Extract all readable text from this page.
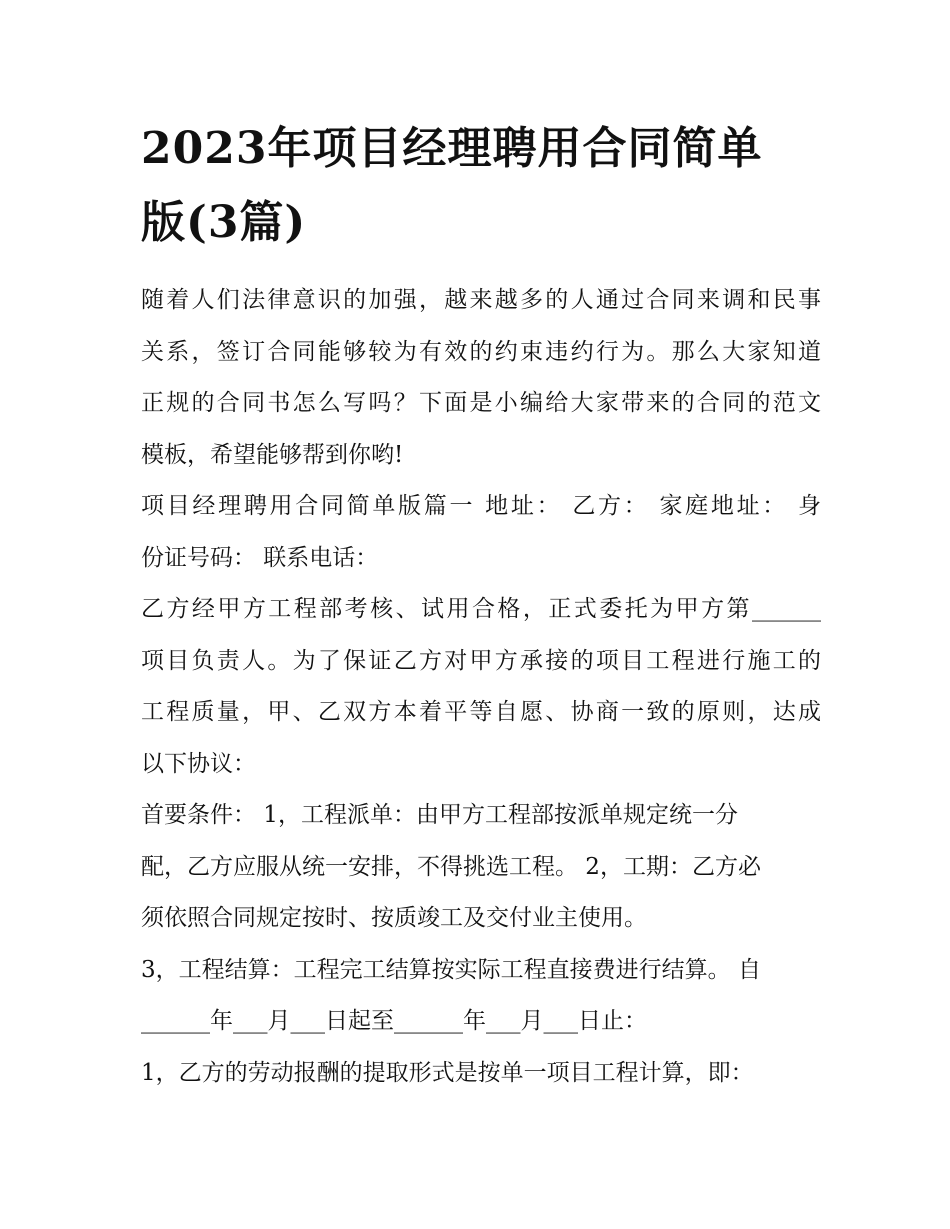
2023年项目经理聘用合同简单
版(3篇)
随着人们法律意识的加强，越来越多的人通过合同来调和民事
关系，签订合同能够较为有效的约束违约行为。那么大家知道
正规的合同书怎么写吗？下面是小编给大家带来的合同的范文
模板，希望能够帮到你哟!
项目经理聘用合同简单版篇一 地址： 乙方： 家庭地址： 身
份证号码： 联系电话：
乙方经甲方工程部考核、试用合格，正式委托为甲方第______
项目负责人。为了保证乙方对甲方承接的项目工程进行施工的
工程质量，甲、乙双方本着平等自愿、协商一致的原则，达成
以下协议：
首要条件： 1，工程派单：由甲方工程部按派单规定统一分
配，乙方应服从统一安排，不得挑选工程。 2，工期：乙方必
须依照合同规定按时、按质竣工及交付业主使用。
3，工程结算：工程完工结算按实际工程直接费进行结算。 自
______年___月___日起至______年___月___日止：
1，乙方的劳动报酬的提取形式是按单一项目工程计算，即：
